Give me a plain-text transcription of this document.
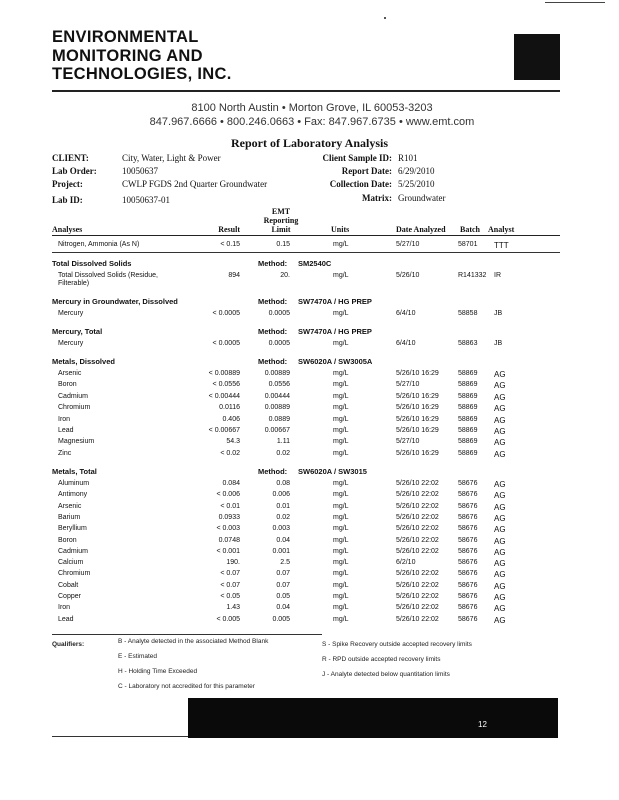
ENVIRONMENTAL
MONITORING AND
TECHNOLOGIES, INC.
8100 North Austin • Morton Grove, IL 60053-3203
847.967.6666 • 800.246.0663 • Fax: 847.967.6735 • www.emt.com
Report of Laboratory Analysis
CLIENT:	City, Water, Light & Power
Lab Order:	10050637
Project:	CWLP FGDS 2nd Quarter Groundwater
Lab ID:	10050637-01
Client Sample ID: R101
Report Date: 6/29/2010
Collection Date: 5/25/2010
Matrix: Groundwater
Analyses	Result
EMT
Reporting
Limit	Units	Date Analyzed Batch Analyst
Nitrogen, Ammonia (As N)	< 0.15	0.15	mg/L	5/27/10	58701 TTT
Total Dissolved Solids	Method: SM2540C
Total Dissolved Solids (Residue, Filterable)
894	20.	mg/L	5/26/10	R141332 IR
Mercury in Groundwater, Dissolved	Method: SW7470A / HG PREP
Mercury	< 0.0005	0.0005	mg/L	6/4/10	58858 JB
Mercury, Total	Method: SW7470A / HG PREP
Mercury	< 0.0005	0.0005	mg/L	6/4/10	58863 JB
Metals, Dissolved	Method: SW6020A / SW3005A
Arsenic	< 0.00889	0.00889	mg/L	5/26/10 16:29	58869 AG
Boron	< 0.0556	0.0556	mg/L	5/27/10	58869 AG
Cadmium	< 0.00444	0.00444	mg/L	5/26/10 16:29	58869 AG
Chromium	0.0116	0.00889	mg/L	5/26/10 16:29	58869 AG
Iron	0.406	0.0889	mg/L	5/26/10 16:29	58869 AG
Lead	< 0.00667	0.00667	mg/L	5/26/10 16:29	58869 AG
Magnesium	54.3	1.11	mg/L	5/27/10	58869 AG
Zinc	< 0.02	0.02	mg/L	5/26/10 16:29	58869 AG
Metals, Total	Method: SW6020A / SW3015
Aluminum	0.084	0.08	mg/L	5/26/10 22:02	58676 AG
Antimony	< 0.006	0.006	mg/L	5/26/10 22:02	58676 AG
Arsenic	< 0.01	0.01	mg/L	5/26/10 22:02	58676 AG
Barium	0.0933	0.02	mg/L	5/26/10 22:02	58676 AG
Beryllium	< 0.003	0.003	mg/L	5/26/10 22:02	58676 AG
Boron	0.0748	0.04	mg/L	5/26/10 22:02	58676 AG
Cadmium	< 0.001	0.001	mg/L	5/26/10 22:02	58676 AG
Calcium	190.	2.5	mg/L	6/2/10	58676 AG
Chromium	< 0.07	0.07	mg/L	5/26/10 22:02	58676 AG
Cobalt	< 0.07	0.07	mg/L	5/26/10 22:02	58676 AG
Copper	< 0.05	0.05	mg/L	5/26/10 22:02	58676 AG
Iron	1.43	0.04	mg/L	5/26/10 22:02	58676 AG
Lead	< 0.005	0.005	mg/L	5/26/10 22:02	58676 AG
Qualifiers:	B - Analyte detected in the associated Method Blank
E - Estimated
H - Holding Time Exceeded
C - Laboratory not accredited for this parameter
S - Spike Recovery outside accepted recovery limits
R - RPD outside accepted recovery limits
J - Analyte detected below quantitation limits
12
